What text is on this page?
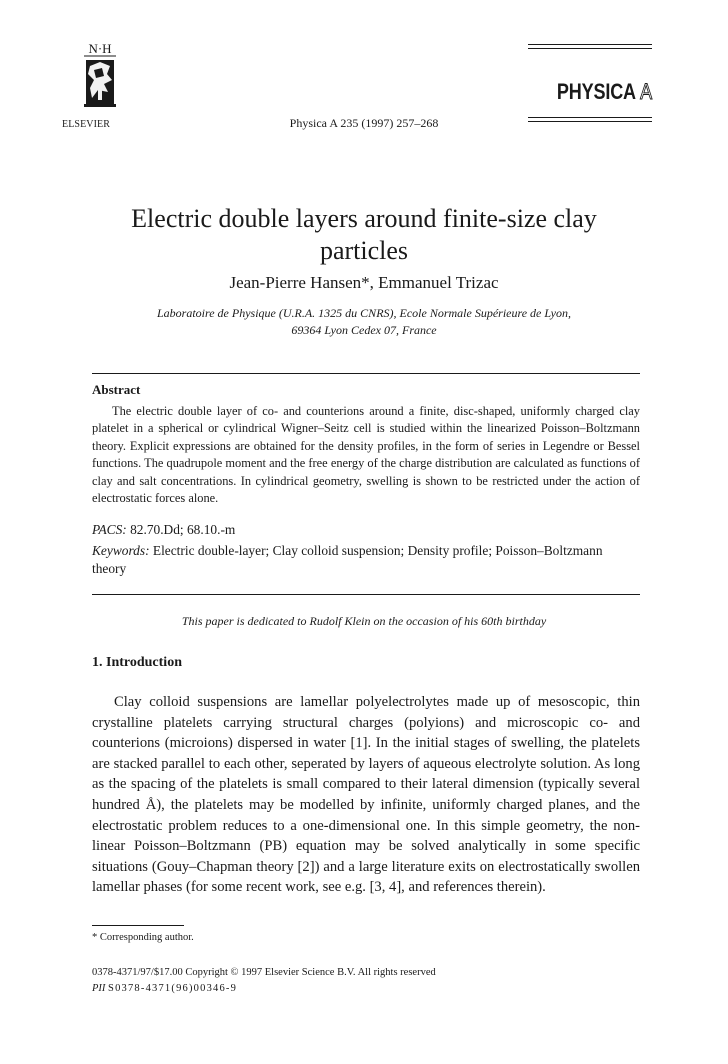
N·H
ELSEVIER	Physica A 235 (1997) 257–268
PHYSICA A
Electric double layers around finite-size clay particles
Jean-Pierre Hansen*, Emmanuel Trizac
Laboratoire de Physique (U.R.A. 1325 du CNRS), Ecole Normale Supérieure de Lyon,
69364 Lyon Cedex 07, France
Abstract
The electric double layer of co- and counterions around a finite, disc-shaped, uniformly charged clay platelet in a spherical or cylindrical Wigner–Seitz cell is studied within the linearized Poisson–Boltzmann theory. Explicit expressions are obtained for the density profiles, in the form of series in Legendre or Bessel functions. The quadrupole moment and the free energy of the charge distribution are calculated as functions of clay and salt concentrations. In cylindrical geometry, swelling is shown to be restricted under the action of electrostatic forces alone.
PACS: 82.70.Dd; 68.10.-m
Keywords: Electric double-layer; Clay colloid suspension; Density profile; Poisson–Boltzmann theory
This paper is dedicated to Rudolf Klein on the occasion of his 60th birthday
1. Introduction
Clay colloid suspensions are lamellar polyelectrolytes made up of mesoscopic, thin crystalline platelets carrying structural charges (polyions) and microscopic co- and counterions (microions) dispersed in water [1]. In the initial stages of swelling, the platelets are stacked parallel to each other, seperated by layers of aqueous electrolyte solution. As long as the spacing of the platelets is small compared to their lateral dimension (typically several hundred Å), the platelets may be modelled by infinite, uniformly charged planes, and the electrostatic problem reduces to a one-dimensional one. In this simple geometry, the non-linear Poisson–Boltzmann (PB) equation may be solved analytically in some specific situations (Gouy–Chapman theory [2]) and a large literature exits on electrostatically swollen lamellar phases (for some recent work, see e.g. [3, 4], and references therein).
* Corresponding author.
0378-4371/97/$17.00 Copyright © 1997 Elsevier Science B.V. All rights reserved
PII S0378-4371(96)00346-9
